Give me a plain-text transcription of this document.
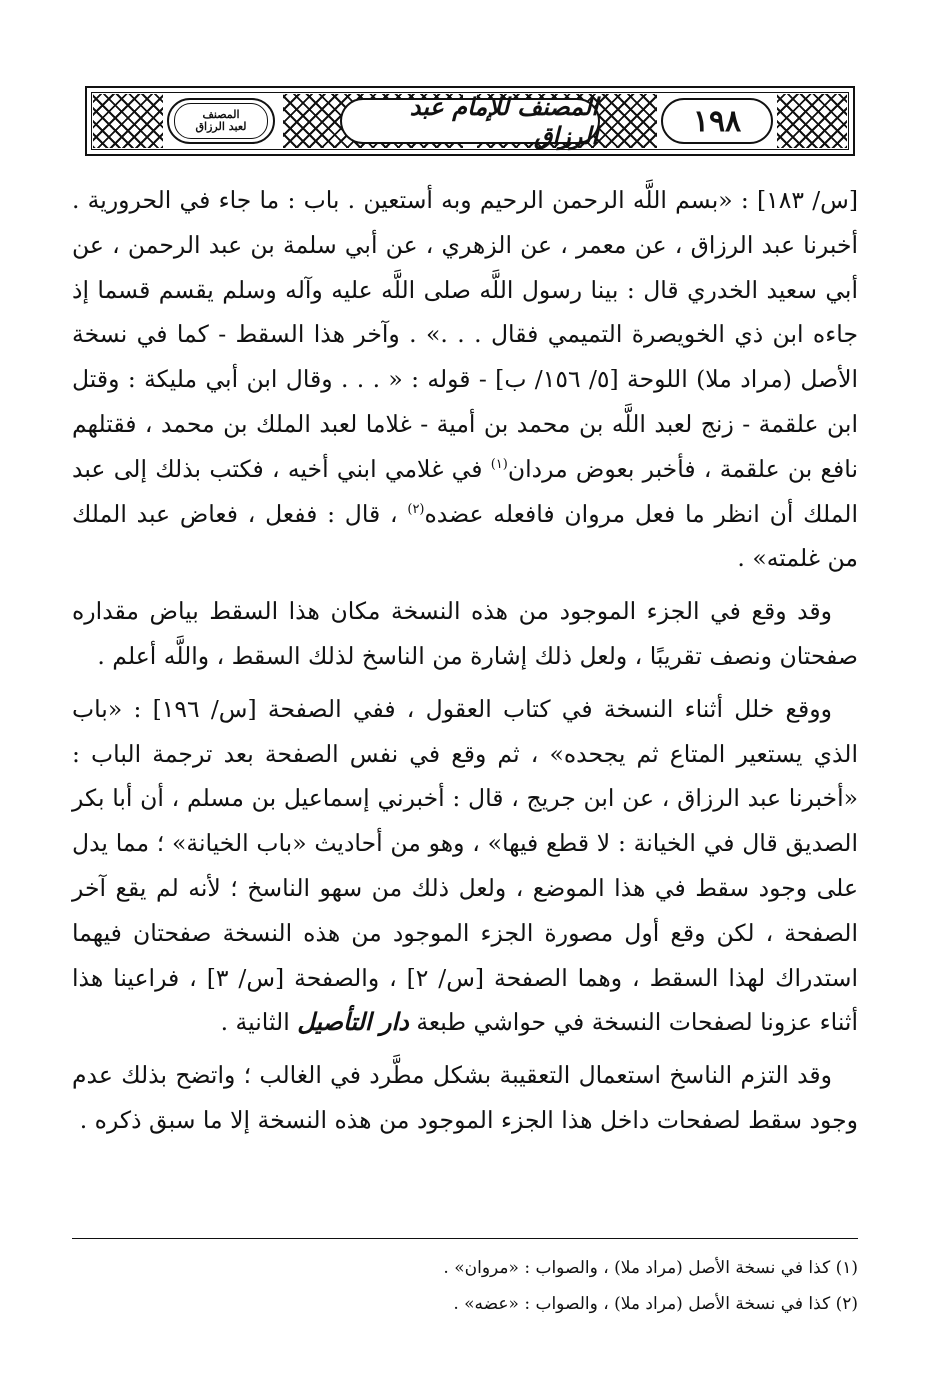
١٩٨
المصنف للإمام عبد الرزاق
المصنف
لعبد الرزاق

[س/ ١٨٣] : «بسم اللَّه الرحمن الرحيم وبه أستعين . باب : ما جاء في الحرورية . أخبرنا عبد الرزاق ، عن معمر ، عن الزهري ، عن أبي سلمة بن عبد الرحمن ، عن أبي سعيد الخدري قال : بينا رسول اللَّه صلى اللَّه عليه وآله وسلم يقسم قسما إذ جاءه ابن ذي الخويصرة التميمي فقال . . .» . وآخر هذا السقط - كما في نسخة الأصل (مراد ملا) اللوحة [٥/ ١٥٦/ ب] - قوله : « . . . وقال ابن أبي مليكة : وقتل ابن علقمة - زنج لعبد اللَّه بن محمد بن أمية - غلاما لعبد الملك بن محمد ، فقتلهم نافع بن علقمة ، فأخبر بعوض مردان$^{(١)}$ في غلامي ابني أخيه ، فكتب بذلك إلى عبد الملك أن انظر ما فعل مروان فافعله عضده$^{(٢)}$ ، قال : ففعل ، فعاض عبد الملك من غلمته» .

وقد وقع في الجزء الموجود من هذه النسخة مكان هذا السقط بياض مقداره صفحتان ونصف تقريبًا ، ولعل ذلك إشارة من الناسخ لذلك السقط ، واللَّه أعلم .

ووقع خلل أثناء النسخة في كتاب العقول ، ففي الصفحة [س/ ١٩٦] : «باب الذي يستعير المتاع ثم يجحده» ، ثم وقع في نفس الصفحة بعد ترجمة الباب : «أخبرنا عبد الرزاق ، عن ابن جريج ، قال : أخبرني إسماعيل بن مسلم ، أن أبا بكر الصديق قال في الخيانة : لا قطع فيها» ، وهو من أحاديث «باب الخيانة» ؛ مما يدل على وجود سقط في هذا الموضع ، ولعل ذلك من سهو الناسخ ؛ لأنه لم يقع آخر الصفحة ، لكن وقع أول مصورة الجزء الموجود من هذه النسخة صفحتان فيهما استدراك لهذا السقط ، وهما الصفحة [س/ ٢] ، والصفحة [س/ ٣] ، فراعينا هذا أثناء عزونا لصفحات النسخة في حواشي طبعة دار التأصيل الثانية .

وقد التزم الناسخ استعمال التعقيبة بشكل مطَّرد في الغالب ؛ واتضح بذلك عدم وجود سقط لصفحات داخل هذا الجزء الموجود من هذه النسخة إلا ما سبق ذكره .

(١) كذا في نسخة الأصل (مراد ملا) ، والصواب : «مروان» .

(٢) كذا في نسخة الأصل (مراد ملا) ، والصواب : «عضه» .
